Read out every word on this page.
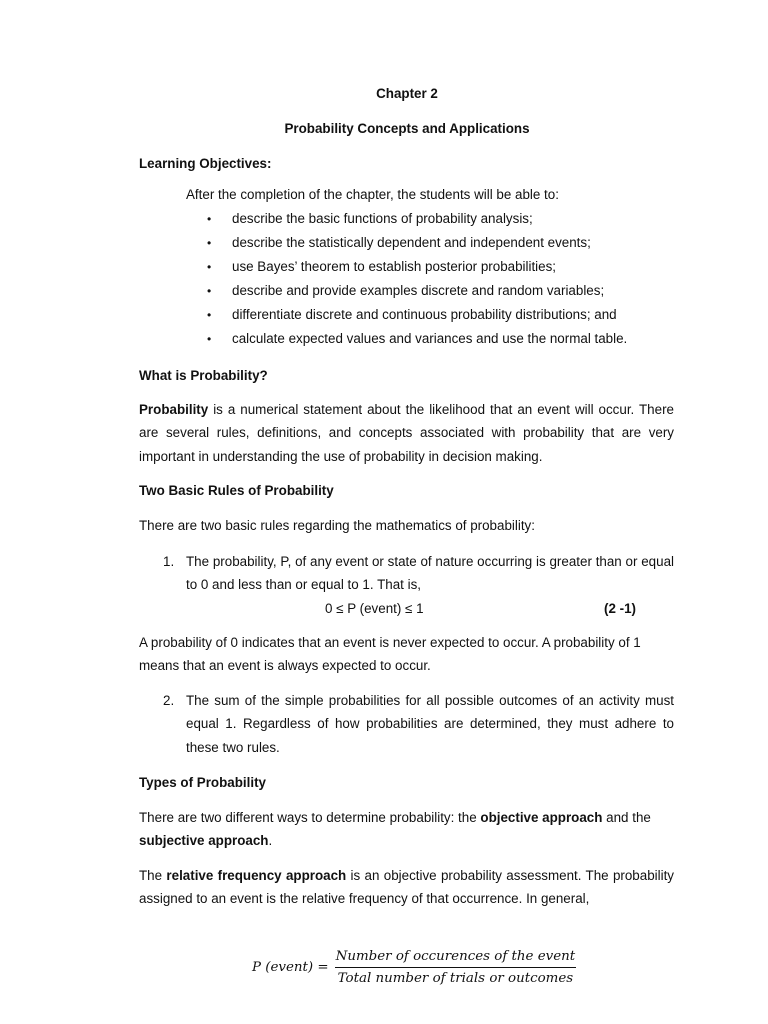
Chapter 2
Probability Concepts and Applications
Learning Objectives:
After the completion of the chapter, the students will be able to:
• describe the basic functions of probability analysis;
• describe the statistically dependent and independent events;
• use Bayes’ theorem to establish posterior probabilities;
• describe and provide examples discrete and random variables;
• differentiate discrete and continuous probability distributions; and
• calculate expected values and variances and use the normal table.
What is Probability?
Probability is a numerical statement about the likelihood that an event will occur. There are several rules, definitions, and concepts associated with probability that are very important in understanding the use of probability in decision making.
Two Basic Rules of Probability
There are two basic rules regarding the mathematics of probability:
1. The probability, P, of any event or state of nature occurring is greater than or equal to 0 and less than or equal to 1. That is,
0 ≤ P (event) ≤ 1	(2 -1)
A probability of 0 indicates that an event is never expected to occur. A probability of 1 means that an event is always expected to occur.
2. The sum of the simple probabilities for all possible outcomes of an activity must equal 1. Regardless of how probabilities are determined, they must adhere to these two rules.
Types of Probability
There are two different ways to determine probability: the objective approach and the subjective approach.
The relative frequency approach is an objective probability assessment. The probability assigned to an event is the relative frequency of that occurrence. In general,
P (event) = $\frac{\text{Number of occurences of the event}}{\text{Total number of trials or outcomes}}$
